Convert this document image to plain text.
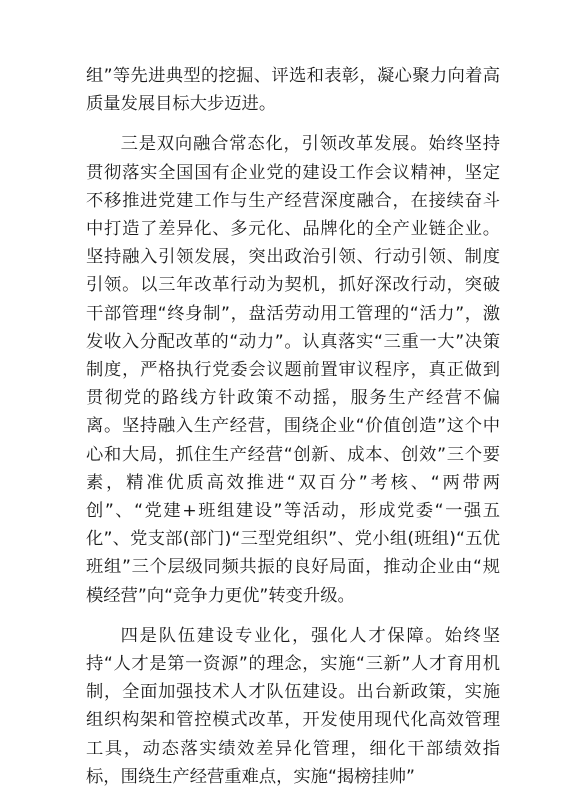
组”等先进典型的挖掘、评选和表彰，凝心聚力向着高质量发展目标大步迈进。

三是双向融合常态化，引领改革发展。始终坚持贯彻落实全国国有企业党的建设工作会议精神，坚定不移推进党建工作与生产经营深度融合，在接续奋斗中打造了差异化、多元化、品牌化的全产业链企业。坚持融入引领发展，突出政治引领、行动引领、制度引领。以三年改革行动为契机，抓好深改行动，突破干部管理“终身制”，盘活劳动用工管理的“活力”，激发收入分配改革的“动力”。认真落实“三重一大”决策制度，严格执行党委会议题前置审议程序，真正做到贯彻党的路线方针政策不动摇，服务生产经营不偏离。坚持融入生产经营，围绕企业“价值创造”这个中心和大局，抓住生产经营“创新、成本、创效”三个要素，精准优质高效推进“双百分”考核、“两带两创”、“党建+班组建设”等活动，形成党委“一强五化”、党支部(部门)“三型党组织”、党小组(班组)“五优班组”三个层级同频共振的良好局面，推动企业由“规模经营”向“竞争力更优”转变升级。

四是队伍建设专业化，强化人才保障。始终坚持“人才是第一资源”的理念，实施“三新”人才育用机制，全面加强技术人才队伍建设。出台新政策，实施组织构架和管控模式改革，开发使用现代化高效管理工具，动态落实绩效差异化管理，细化干部绩效指标，围绕生产经营重难点，实施“揭榜挂帅”
